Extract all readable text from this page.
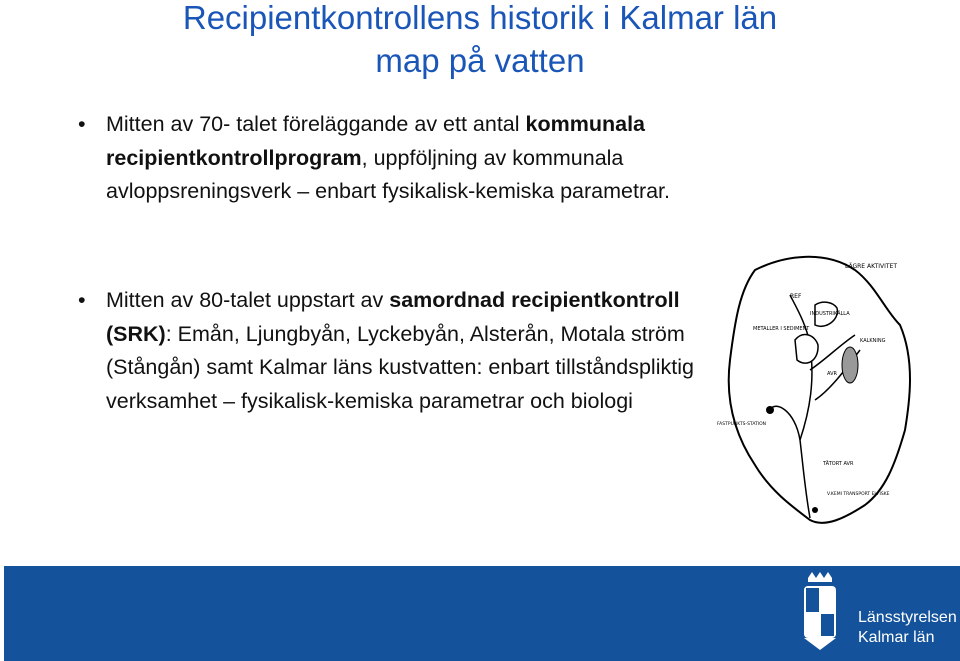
Recipientkontrollens historik i Kalmar län
map på vatten
• Mitten av 70- talet föreläggande av ett antal kommunala recipientkontrollprogram, uppföljning av kommunala avloppsreningsverk – enbart fysikalisk-kemiska parametrar.
• Mitten av 80-talet uppstart av samordnad recipientkontroll (SRK): Emån, Ljungbyån, Lyckebyån, Alsterån, Motala ström (Stångån) samt Kalmar läns kustvatten: enbart tillståndspliktig verksamhet – fysikalisk-kemiska parametrar och biologi
LÄGRE AKTIVITET
REF
METALLER I SEDIMENT
INDUSTRIKÄLLA
KALKNING
AVR
FASTPUNKTS-STATION
TÄTORT AVR
V.KEMI TRANSPORT ELFISKE
Länsstyrelsen
Kalmar län
